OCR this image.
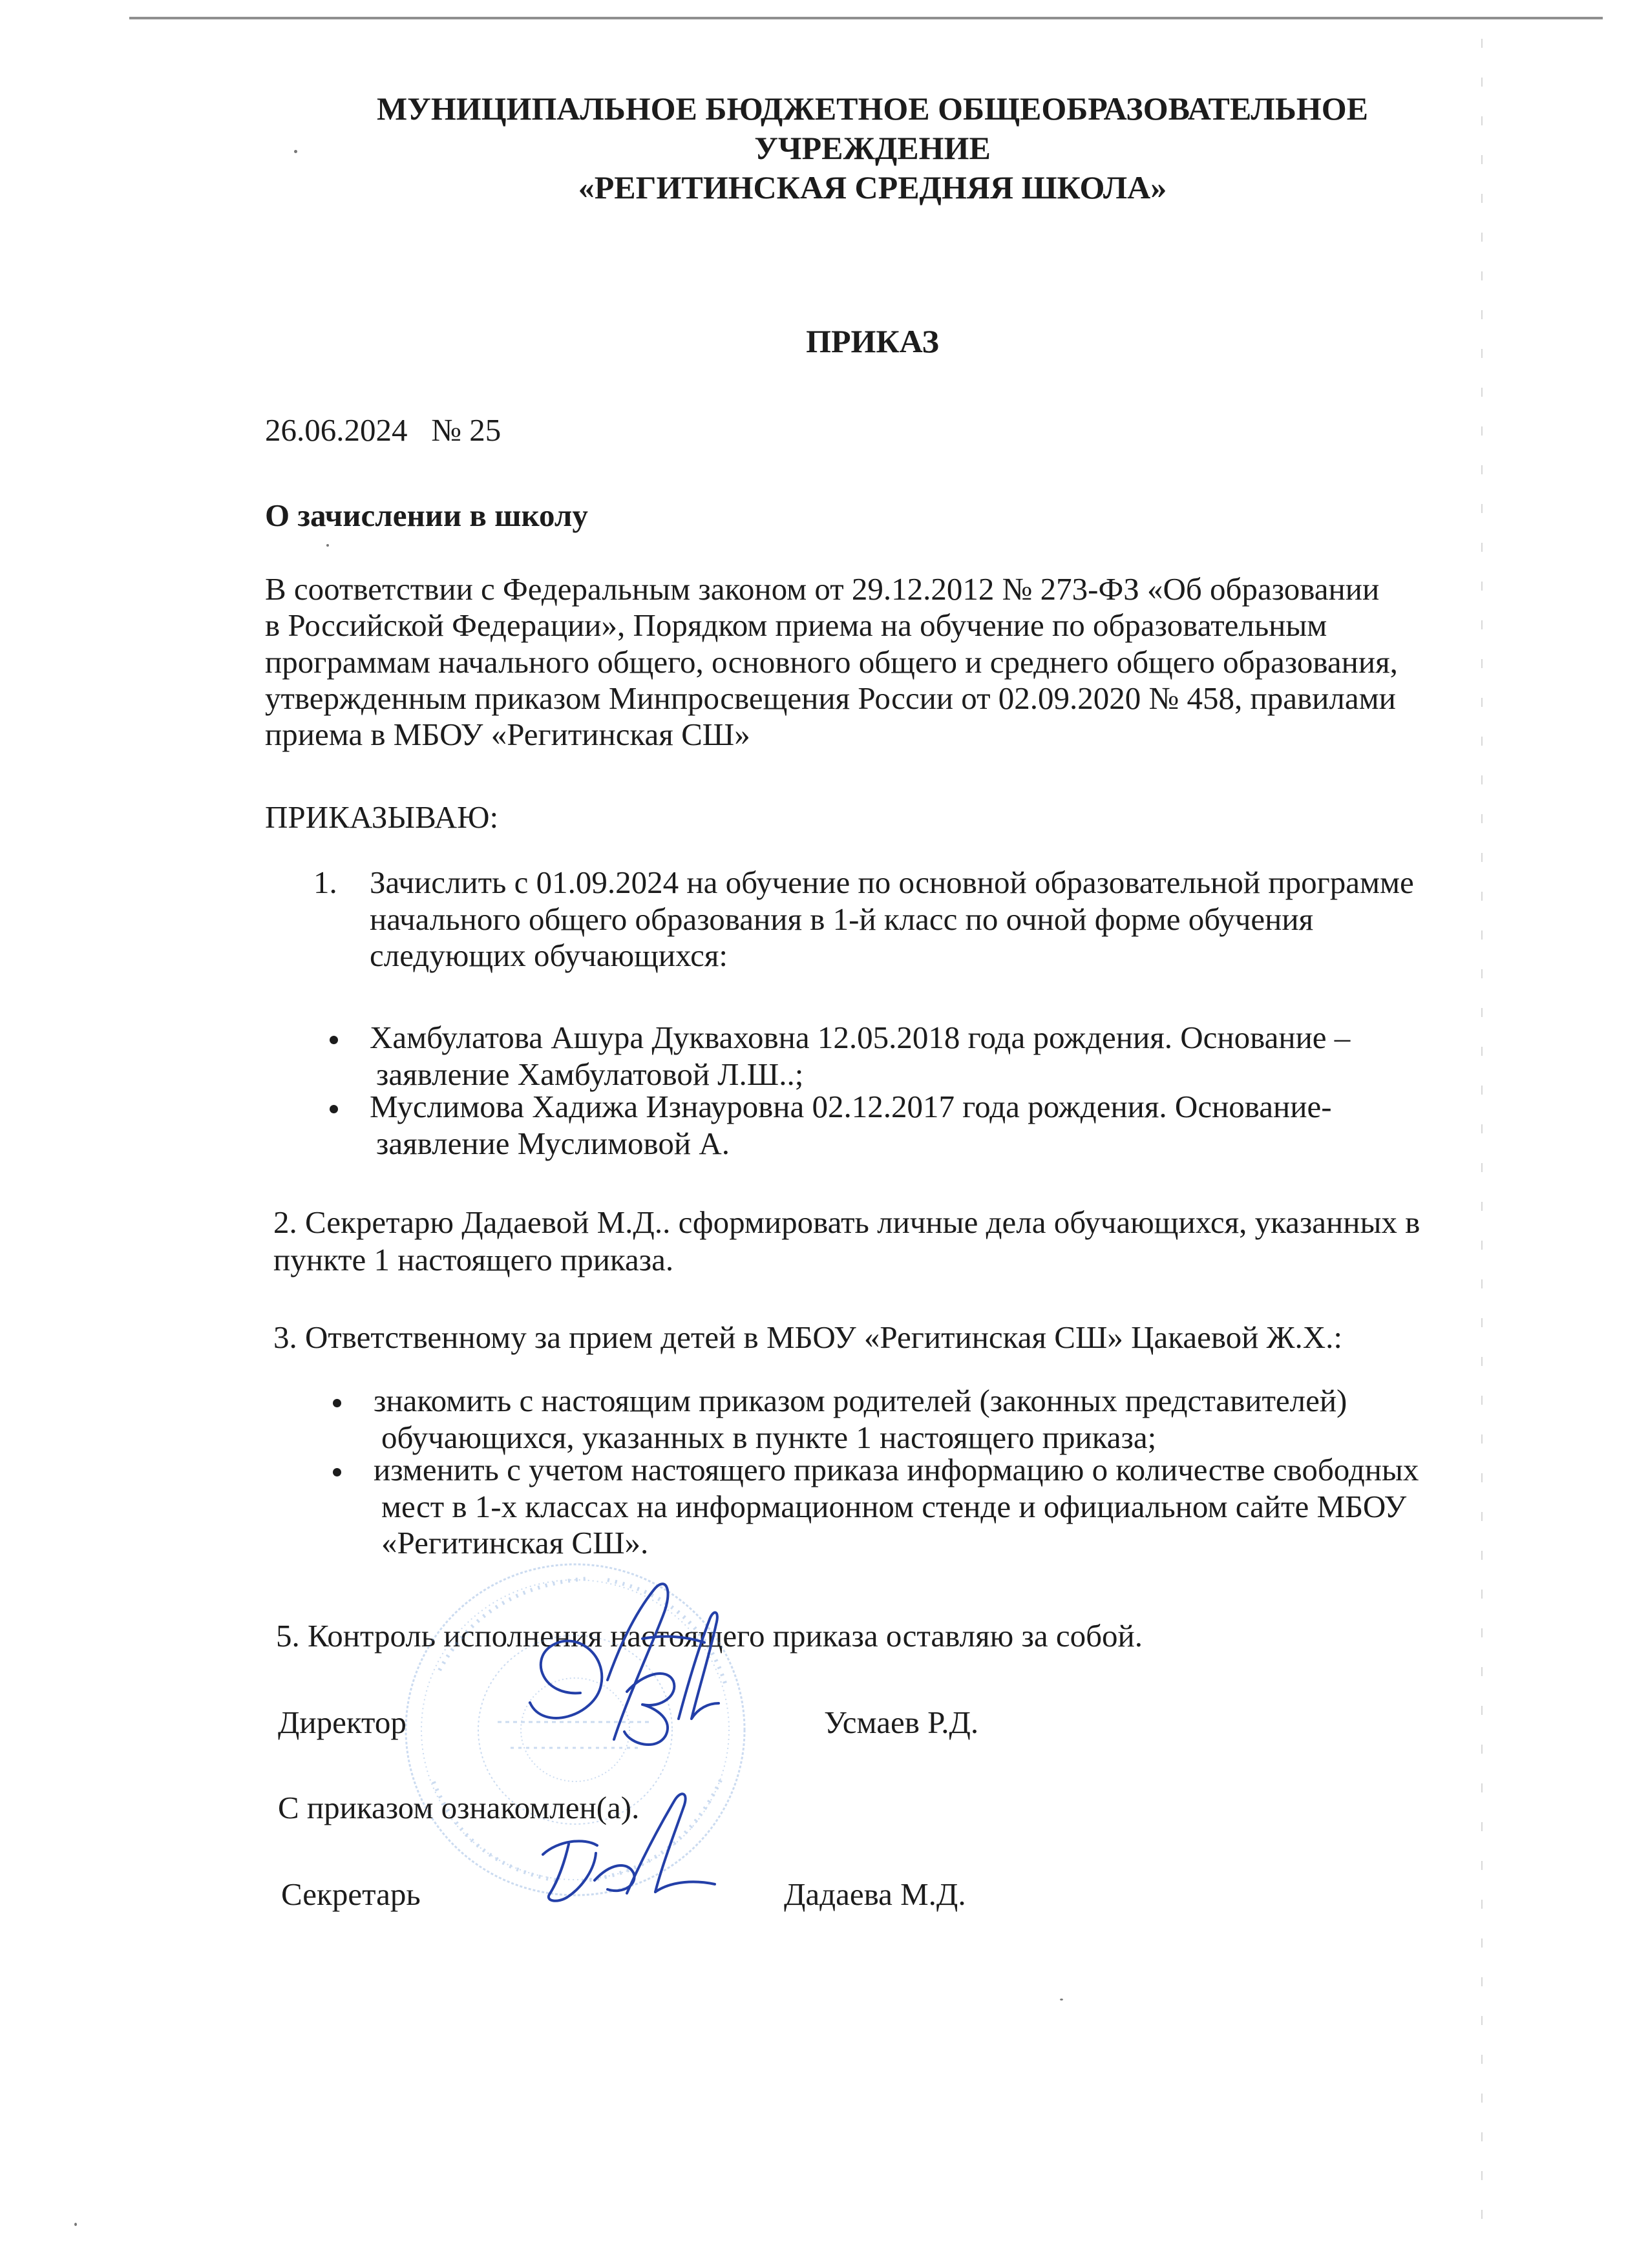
МУНИЦИПАЛЬНОЕ БЮДЖЕТНОЕ ОБЩЕОБРАЗОВАТЕЛЬНОЕ
УЧРЕЖДЕНИЕ
«РЕГИТИНСКАЯ СРЕДНЯЯ ШКОЛА»
ПРИКАЗ
26.06.2024   № 25
О зачислении в школу
В соответствии с Федеральным законом от 29.12.2012 № 273-ФЗ «Об образовании
в Российской Федерации», Порядком приема на обучение по образовательным
программам начального общего, основного общего и среднего общего образования,
утвержденным приказом Минпросвещения России от 02.09.2020 № 458, правилами
приема в МБОУ «Регитинская СШ»
ПРИКАЗЫВАЮ:
1. Зачислить с 01.09.2024 на обучение по основной образовательной программе
начального общего образования в 1-й класс по очной форме обучения
следующих обучающихся:
Хамбулатова Ашура Дукваховна 12.05.2018 года рождения. Основание –
заявление Хамбулатовой Л.Ш..;
Муслимова Хадижа Изнауровна 02.12.2017 года рождения. Основание-
заявление Муслимовой А.
2. Секретарю Дадаевой М.Д.. сформировать личные дела обучающихся, указанных в
пункте 1 настоящего приказа.
3. Ответственному за прием детей в МБОУ «Регитинская СШ» Цакаевой Ж.Х.:
знакомить с настоящим приказом родителей (законных представителей)
обучающихся, указанных в пункте 1 настоящего приказа;
изменить с учетом настоящего приказа информацию о количестве свободных
мест в 1-х классах на информационном стенде и официальном сайте МБОУ
«Регитинская СШ».
5. Контроль исполнения настоящего приказа оставляю за собой.
Директор	Усмаев Р.Д.
С приказом ознакомлен(а).
Секретарь	Дадаева М.Д.
